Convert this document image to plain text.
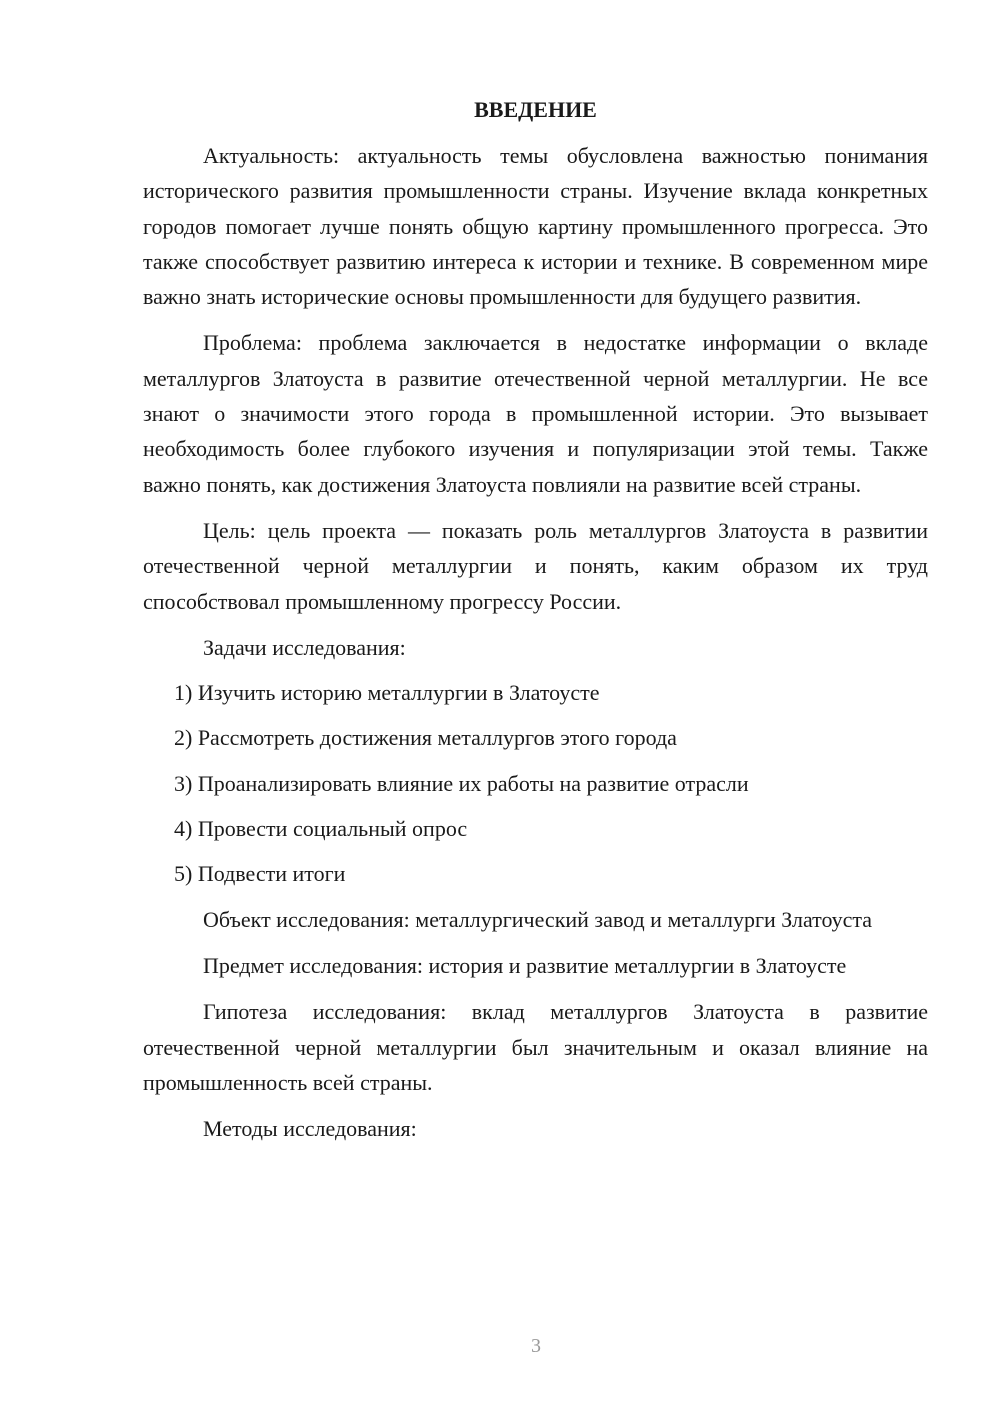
ВВЕДЕНИЕ

Актуальность: актуальность темы обусловлена важностью понимания исторического развития промышленности страны. Изучение вклада конкретных городов помогает лучше понять общую картину промышленного прогресса. Это также способствует развитию интереса к истории и технике. В современном мире важно знать исторические основы промышленности для будущего развития.

Проблема: проблема заключается в недостатке информации о вкладе металлургов Златоуста в развитие отечественной черной металлургии. Не все знают о значимости этого города в промышленной истории. Это вызывает необходимость более глубокого изучения и популяризации этой темы. Также важно понять, как достижения Златоуста повлияли на развитие всей страны.

Цель: цель проекта — показать роль металлургов Златоуста в развитии отечественной черной металлургии и понять, каким образом их труд способствовал промышленному прогрессу России.

Задачи исследования:

1) Изучить историю металлургии в Златоусте
2) Рассмотреть достижения металлургов этого города
3) Проанализировать влияние их работы на развитие отрасли
4) Провести социальный опрос
5) Подвести итоги

Объект исследования: металлургический завод и металлурги Златоуста

Предмет исследования: история и развитие металлургии в Златоусте

Гипотеза исследования: вклад металлургов Златоуста в развитие отечественной черной металлургии был значительным и оказал влияние на промышленность всей страны.

Методы исследования:

3
